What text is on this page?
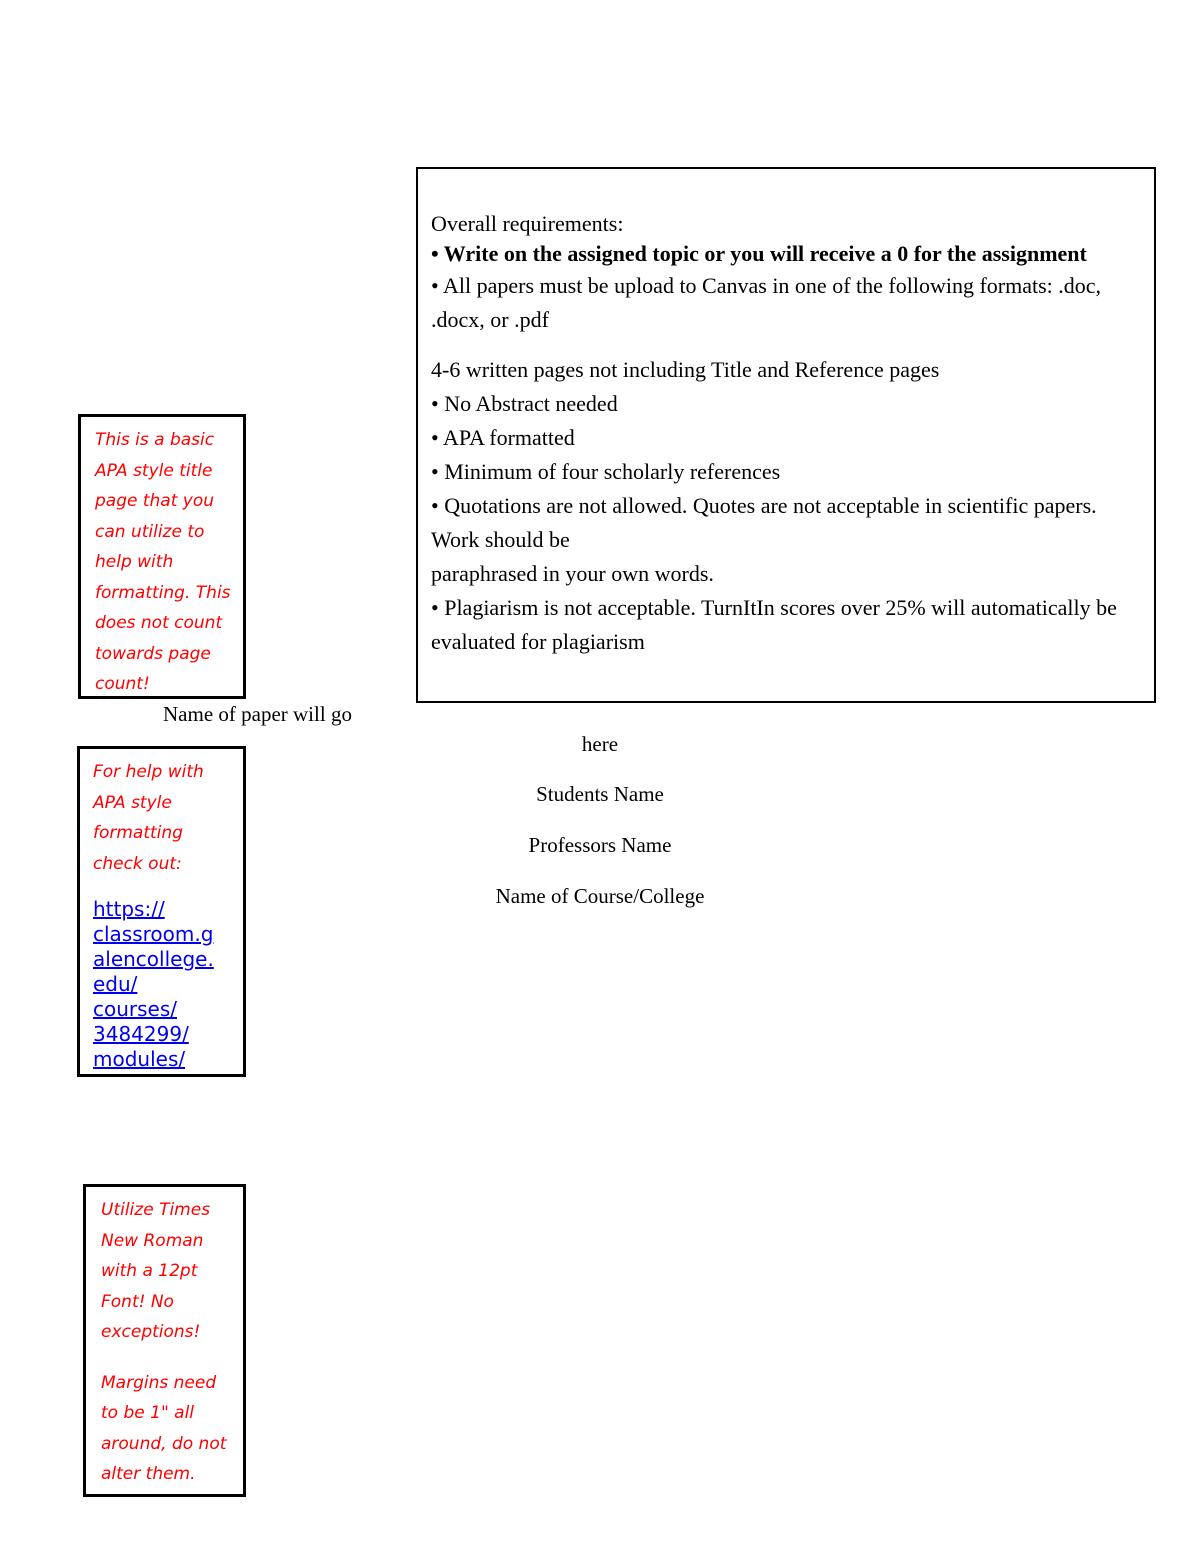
Overall requirements:

• Write on the assigned topic or you will receive a 0 for the assignment

• All papers must be upload to Canvas in one of the following formats: .doc, .docx, or .pdf

4-6 written pages not including Title and Reference pages

• No Abstract needed

• APA formatted

• Minimum of four scholarly references

• Quotations are not allowed. Quotes are not acceptable in scientific papers. Work should be

paraphrased in your own words.

• Plagiarism is not acceptable. TurnItIn scores over 25% will automatically be evaluated for plagiarism

This is a basic APA style title page that you can utilize to help with formatting. This does not count towards page count!

For help with APA style formatting check out:

https://
classroom.g
alencollege.
edu/
courses/
3484299/
modules/

Utilize Times New Roman with a 12pt Font! No exceptions!

Margins need to be 1" all around, do not alter them.

Name of paper will go
here
Students Name
Professors Name
Name of Course/College
